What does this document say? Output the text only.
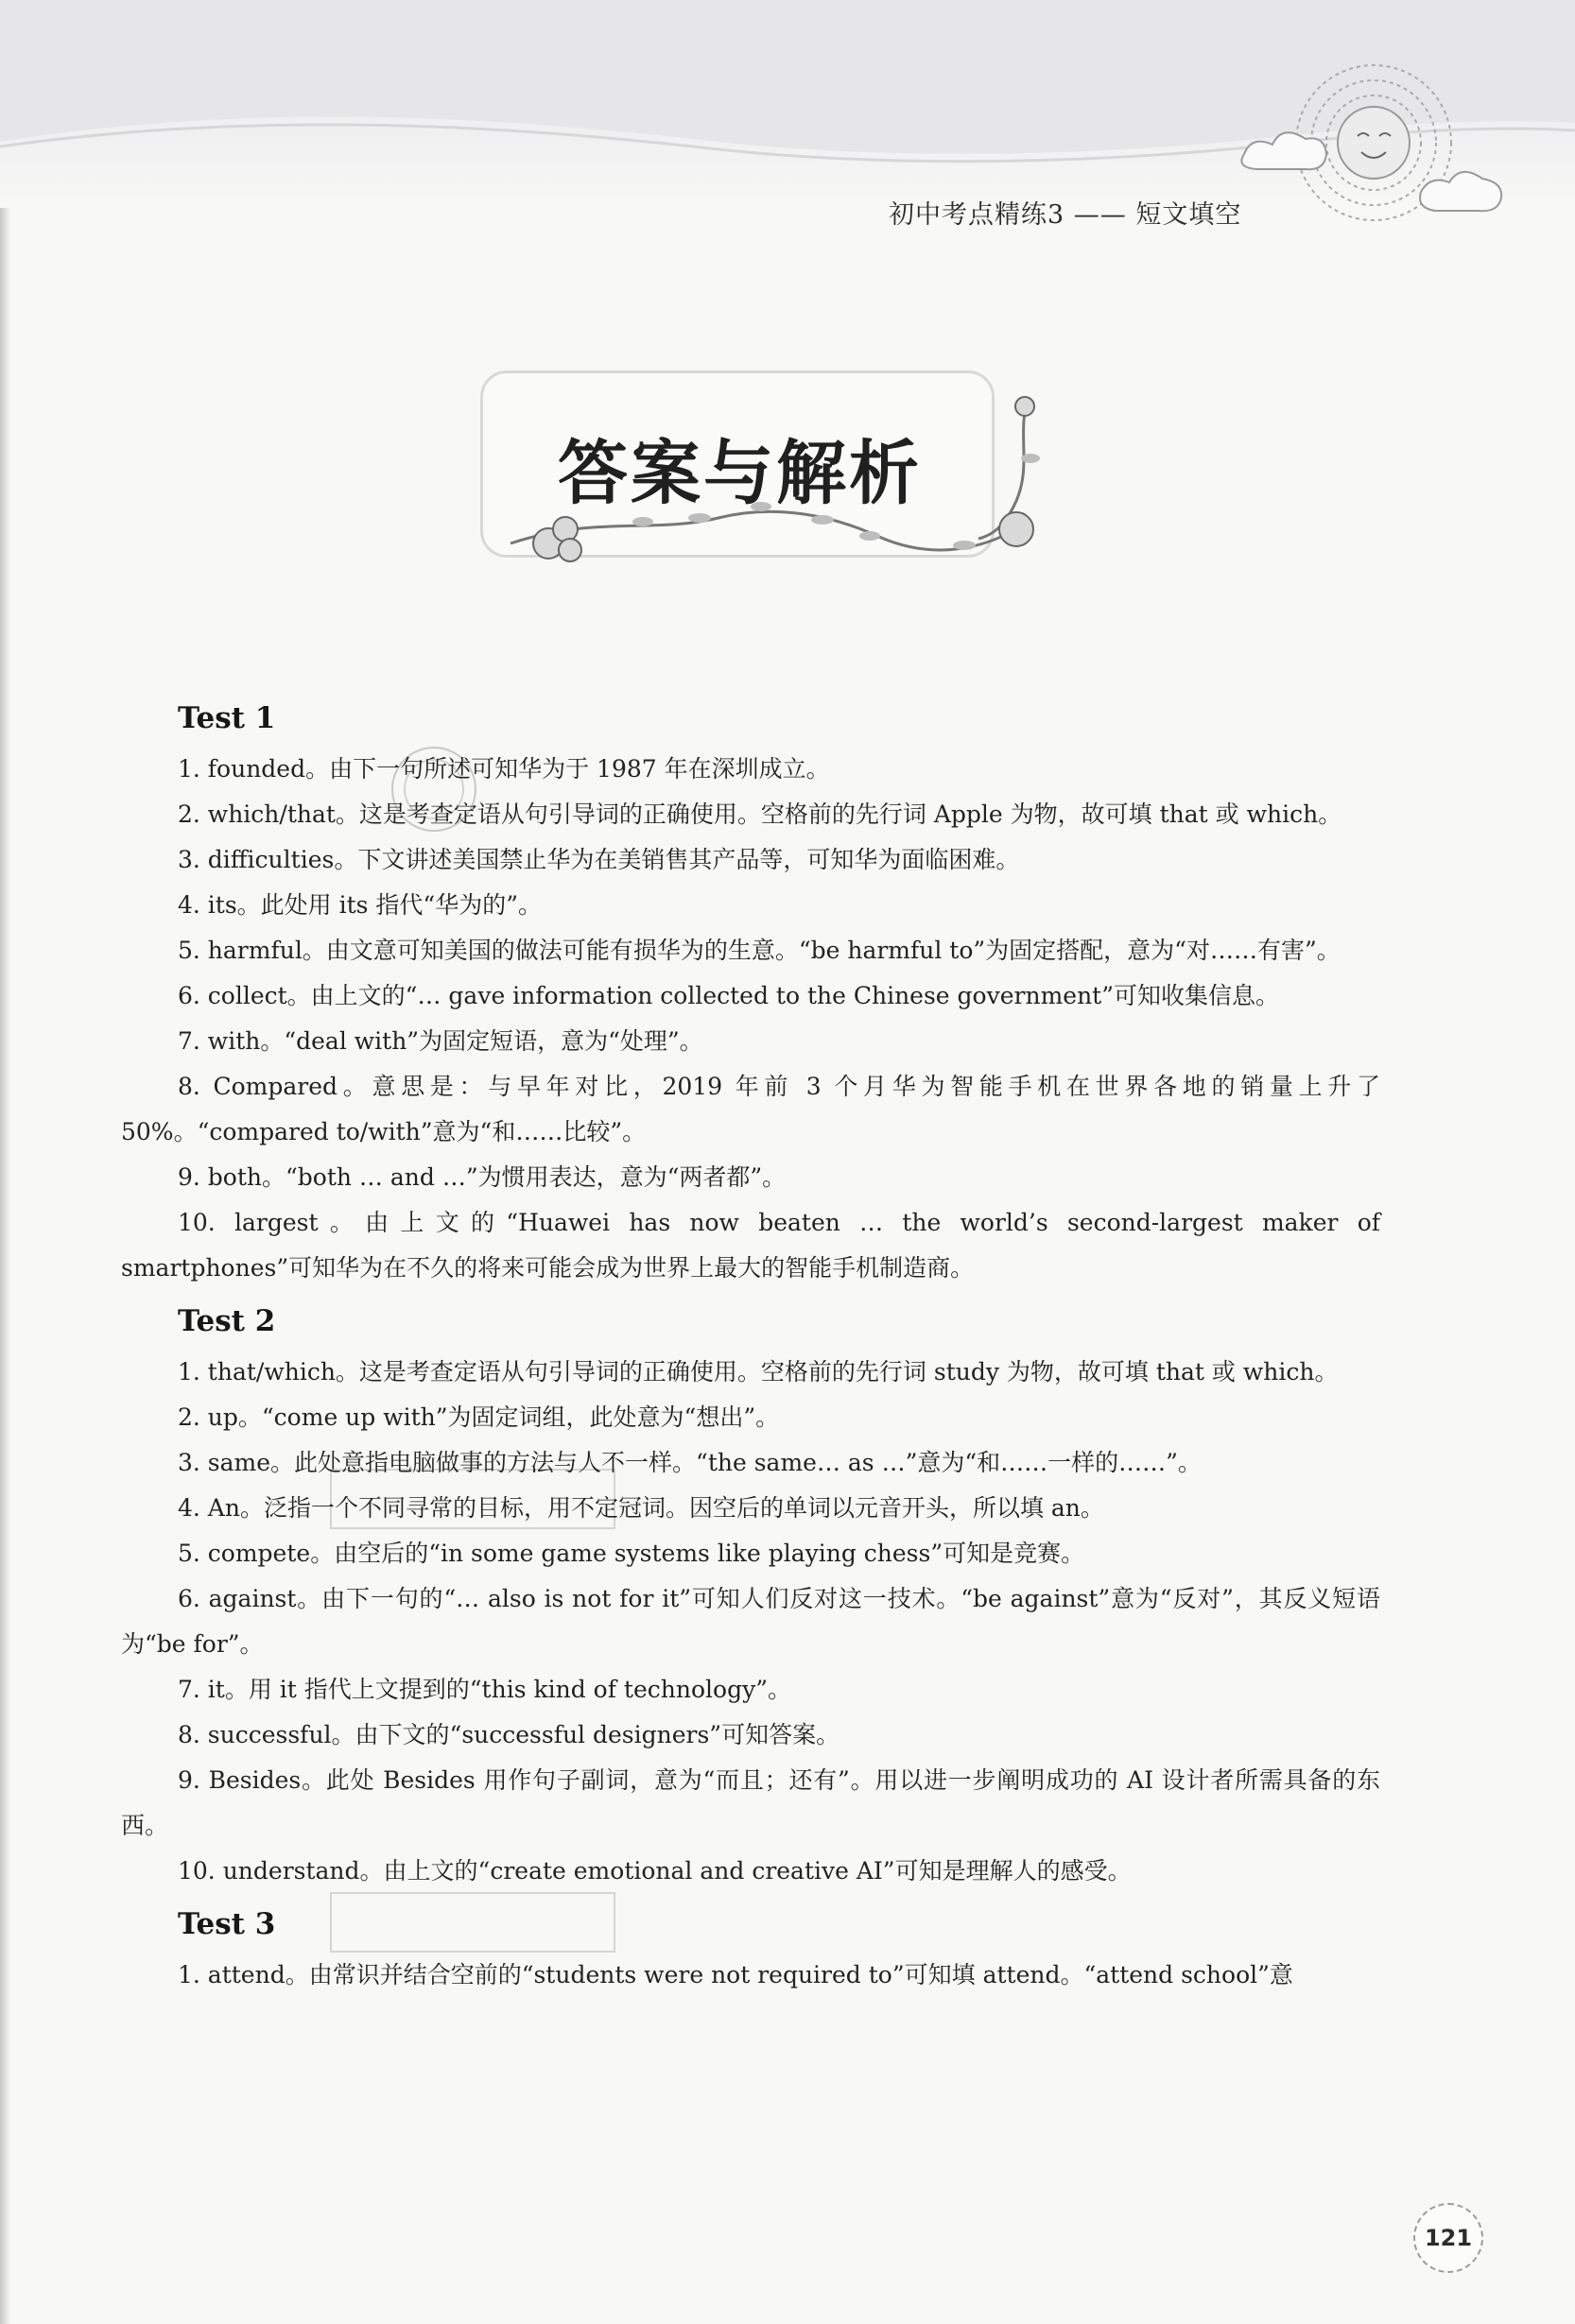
初中考点精练3 —— 短文填空
答案与解析
Test 1

1. founded。由下一句所述可知华为于 1987 年在深圳成立。

2. which/that。这是考查定语从句引导词的正确使用。空格前的先行词 Apple 为物，故可填 that 或 which。

3. difficulties。下文讲述美国禁止华为在美销售其产品等，可知华为面临困难。

4. its。此处用 its 指代“华为的”。

5. harmful。由文意可知美国的做法可能有损华为的生意。“be harmful to”为固定搭配，意为“对……有害”。

6. collect。由上文的“… gave information collected to the Chinese government”可知收集信息。

7. with。“deal with”为固定短语，意为“处理”。

8. Compared。意思是：与早年对比，2019 年前 3 个月华为智能手机在世界各地的销量上升了 50%。“compared to/with”意为“和……比较”。

9. both。“both … and …”为惯用表达，意为“两者都”。

10. largest。由上文的“Huawei has now beaten … the world’s second-largest maker of smartphones”可知华为在不久的将来可能会成为世界上最大的智能手机制造商。

Test 2

1. that/which。这是考查定语从句引导词的正确使用。空格前的先行词 study 为物，故可填 that 或 which。

2. up。“come up with”为固定词组，此处意为“想出”。

3. same。此处意指电脑做事的方法与人不一样。“the same… as …”意为“和……一样的……”。

4. An。泛指一个不同寻常的目标，用不定冠词。因空后的单词以元音开头，所以填 an。

5. compete。由空后的“in some game systems like playing chess”可知是竞赛。

6. against。由下一句的“… also is not for it”可知人们反对这一技术。“be against”意为“反对”，其反义短语为“be for”。

7. it。用 it 指代上文提到的“this kind of technology”。

8. successful。由下文的“successful designers”可知答案。

9. Besides。此处 Besides 用作句子副词，意为“而且；还有”。用以进一步阐明成功的 AI 设计者所需具备的东西。

10. understand。由上文的“create emotional and creative AI”可知是理解人的感受。

Test 3

1. attend。由常识并结合空前的“students were not required to”可知填 attend。“attend school”意

121
